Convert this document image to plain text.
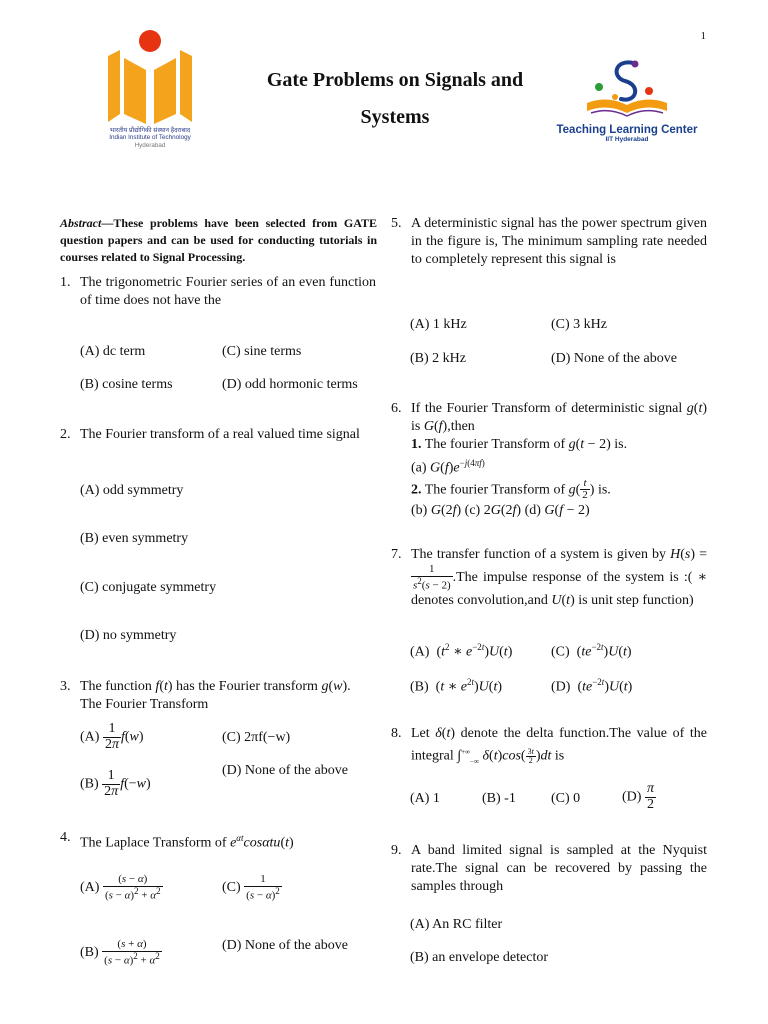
1
भारतीय प्रौद्योगिकी संस्थान हैदराबाद
Indian Institute of Technology
Hyderabad
Gate Problems on Signals and
Systems
Teaching Learning Center
IIT Hyderabad
Abstract—These problems have been selected from GATE question papers and can be used for conducting tutorials in courses related to Signal Processing.
1. The trigonometric Fourier series of an even function of time does not have the
(A) dc term	(C) sine terms
(B) cosine terms	(D) odd hormonic terms
2. The Fourier transform of a real valued time signal
(A) odd symmetry
(B) even symmetry
(C) conjugate symmetry
(D) no symmetry
3. The function f(t) has the Fourier transform g(w).
The Fourier Transform
$(A) \frac{1}{2\pi} f(w)$	(C) 2πf(−w)
(D) None of the above
$(B) \frac{1}{2\pi} f(-w)$
4. The Laplace Transform of $e^{\alpha t}\cos\alpha tu(t)$
$(A) \frac{(s - \alpha)}{(s - \alpha)^2 + \alpha^2}$	$(C) \frac{1}{(s - \alpha)^2}$
(D) None of the above
$(B) \frac{(s + \alpha)}{(s - \alpha)^2 + \alpha^2}$
5. A deterministic signal has the power spectrum given in the figure is, The minimum sampling rate needed to completely represent this signal is
(A) 1 kHz	(C) 3 kHz
(B) 2 kHz	(D) None of the above
6. If the Fourier Transform of deterministic signal g(t) is G(f),then
1. The fourier Transform of g(t − 2) is.
(a) $G(f)e^{-j(4\pi f)}$
2. The fourier Transform of $g( \frac{t}{2}$ ) is.
(b) G(2f) (c) 2G(2f) (d) G(f − 2)
7. The transfer function of a system is given by H(s) =
$\frac{1}{s^2(s - 2)} .The$ impulse response of the system is :( ∗ denotes convolution,and U(t) is unit step function)
(A)  ($t^2$ ∗ $e^{-2t})U(t)$	(C)  $(te^{-2t})U(t)$
(B)  (t ∗ $e^{2t})U(t)$	(D)  $(te^{-2t})U(t)$
8. Let δ(t) denote the delta function.The value of the integral $\int^{+\infty}_{-\infty}$ $\delta(t)\cos( \frac{3t}{2} )dt$ is
(A) 1	(B) -1	(C) 0	$(D) \frac{\pi}{2}$
9. A band limited signal is sampled at the Nyquist rate.The signal can be recovered by passing the samples through
(A) An RC filter
(B) an envelope detector
